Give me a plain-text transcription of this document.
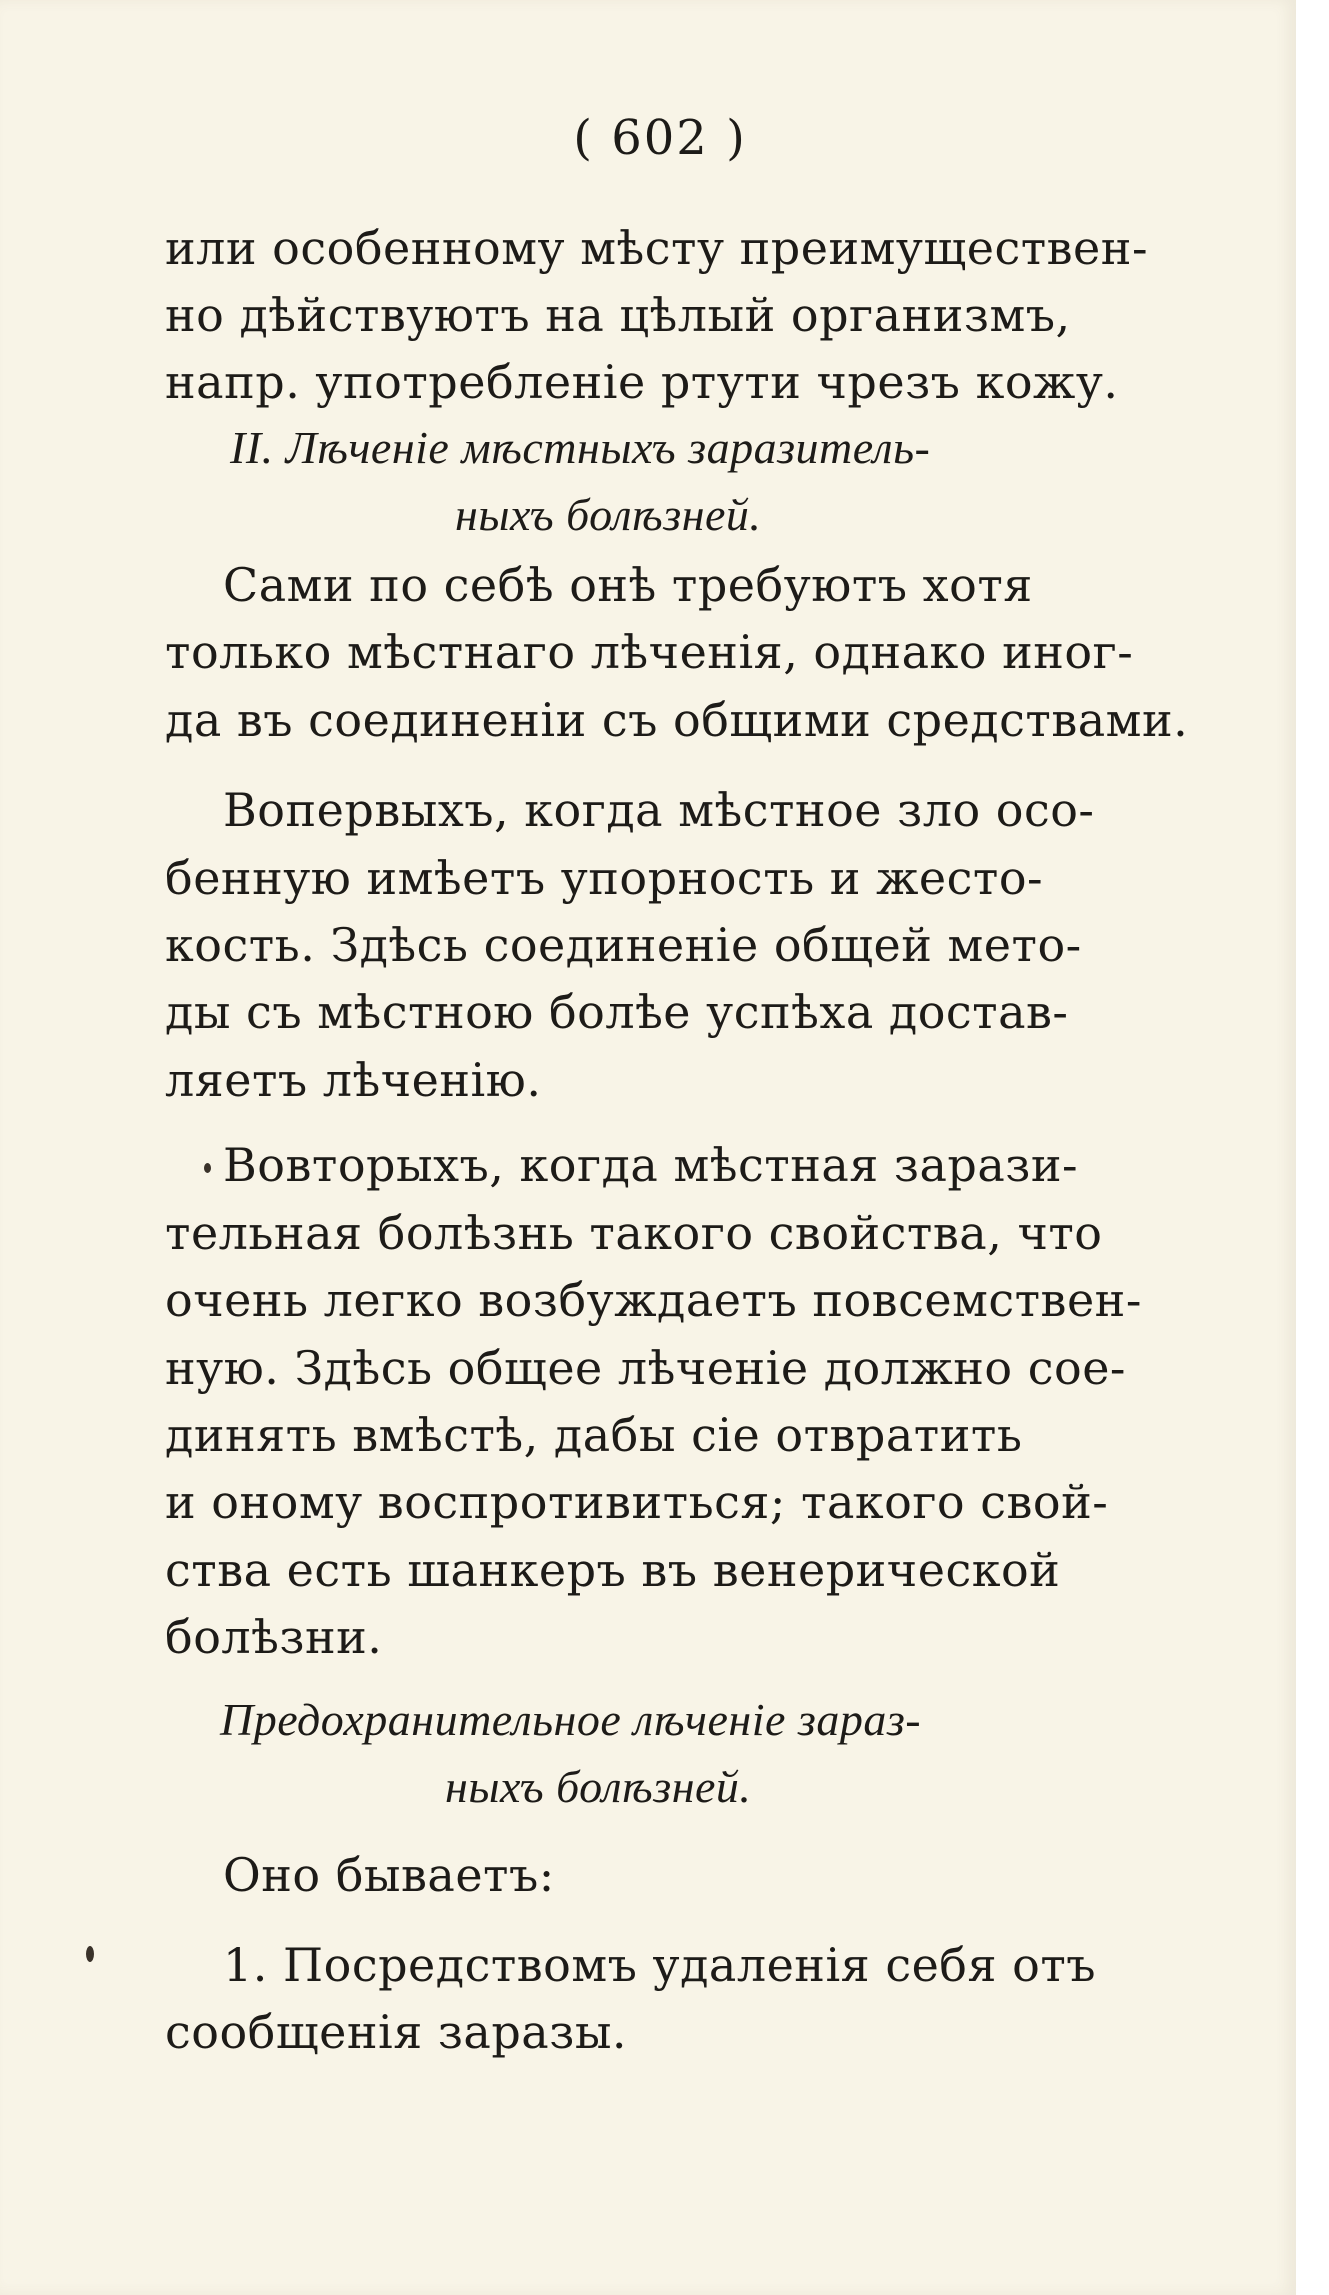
( 602 )
или особенному мѣсту преимуществен-
но дѣйствуютъ на цѣлый организмъ,
напр. употребленіе ртути чрезъ кожу.
II. Лѣченіе мѣстныхъ заразитель-
ныхъ болѣзней.
Сами по себѣ онѣ требуютъ хотя
только мѣстнаго лѣченія, однако иног-
да въ соединеніи съ общими средствами.
Вопервыхъ, когда мѣстное зло осо-
бенную имѣетъ упорность и жесто-
кость. Здѣсь соединеніе общей мето-
ды съ мѣстною болѣе успѣха достав-
ляетъ лѣченію.
Вовторыхъ, когда мѣстная зарази-
тельная болѣзнь такого свойства, что
очень легко возбуждаетъ повсемствен-
ную. Здѣсь общее лѣченіе должно сое-
динять вмѣстѣ, дабы сіе отвратить
и оному воспротивиться; такого свой-
ства есть шанкеръ въ венерической
болѣзни.
Предохранительное лѣченіе зараз-
ныхъ болѣзней.
Оно бываетъ:
1. Посредствомъ удаленія себя отъ
сообщенія заразы.
